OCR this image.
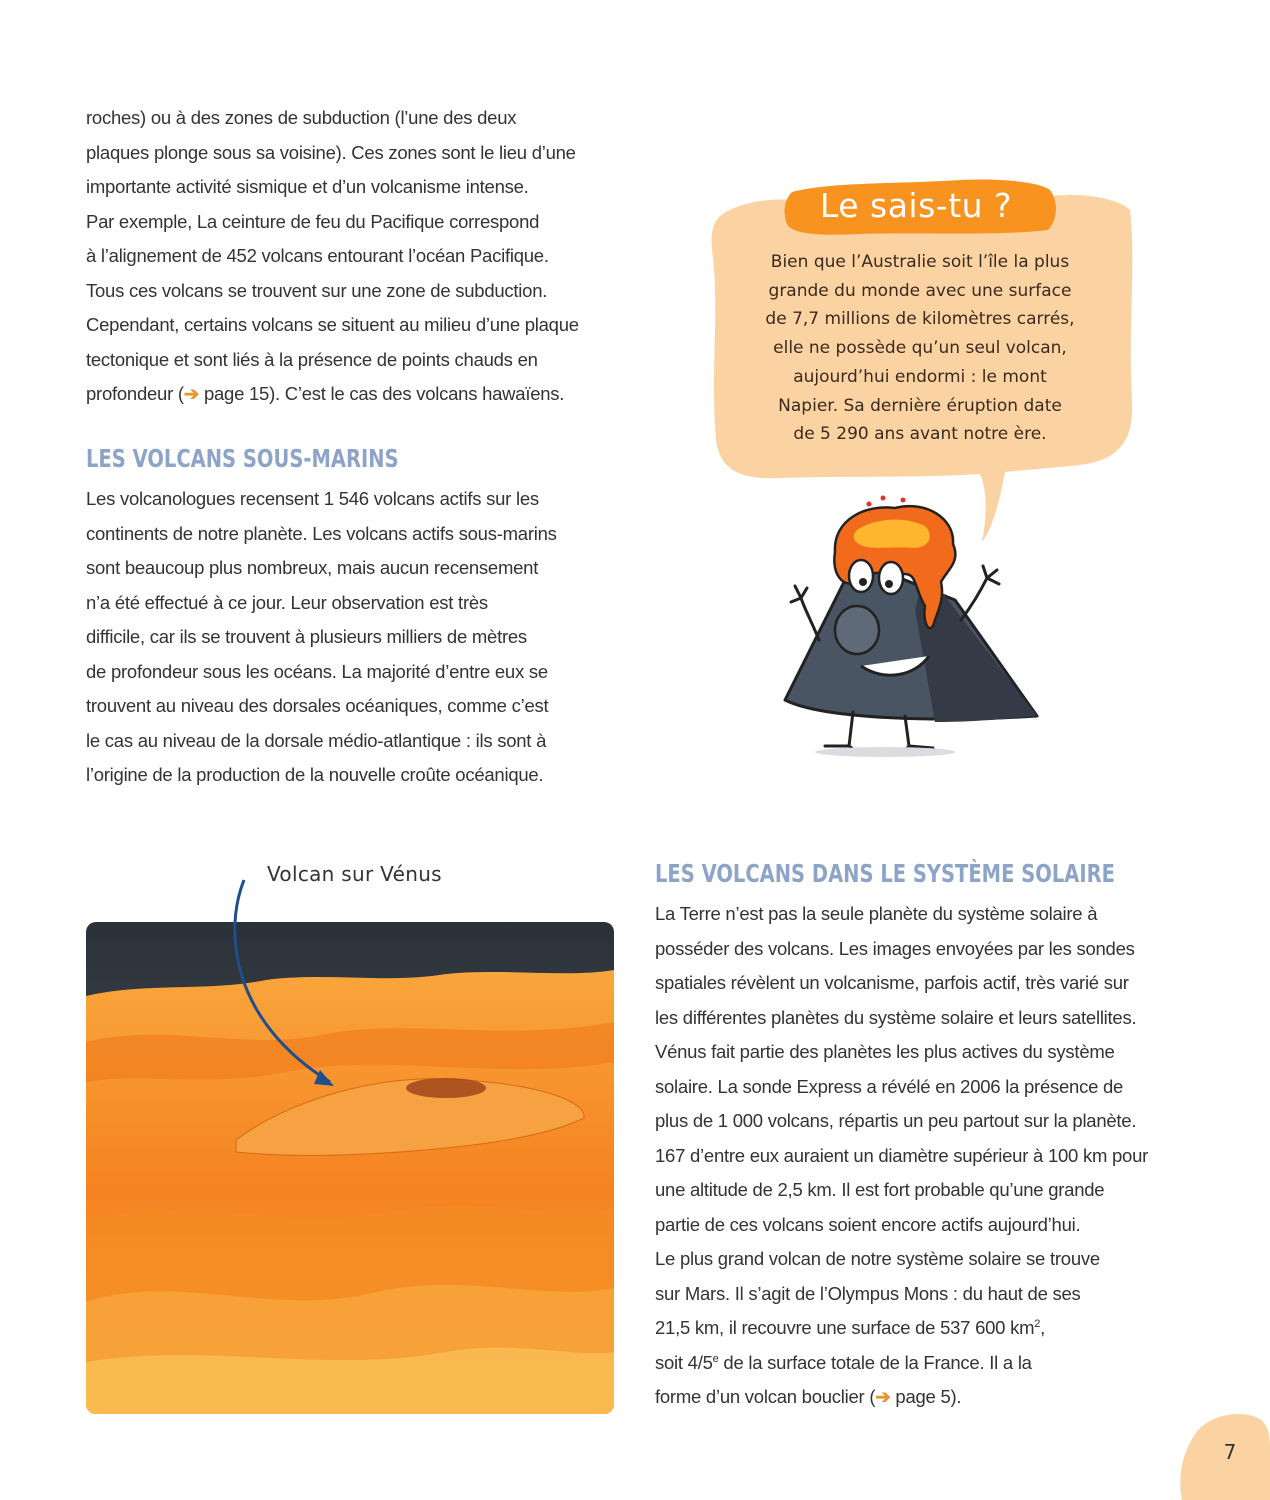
roches) ou à des zones de subduction (l’une des deux
plaques plonge sous sa voisine). Ces zones sont le lieu d’une
importante activité sismique et d’un volcanisme intense.
Par exemple, La ceinture de feu du Pacifique correspond
à l’alignement de 452 volcans entourant l’océan Pacifique.
Tous ces volcans se trouvent sur une zone de subduction.
Cependant, certains volcans se situent au milieu d’une plaque
tectonique et sont liés à la présence de points chauds en
profondeur (➔ page 15). C’est le cas des volcans hawaïens.
LES VOLCANS SOUS-MARINS
Les volcanologues recensent 1 546 volcans actifs sur les
continents de notre planète. Les volcans actifs sous-marins
sont beaucoup plus nombreux, mais aucun recensement
n’a été effectué à ce jour. Leur observation est très
difficile, car ils se trouvent à plusieurs milliers de mètres
de profondeur sous les océans. La majorité d’entre eux se
trouvent au niveau des dorsales océaniques, comme c’est
le cas au niveau de la dorsale médio-atlantique : ils sont à
l’origine de la production de la nouvelle croûte océanique.
Le sais-tu ?
Bien que l’Australie soit l’île la plus
grande du monde avec une surface
de 7,7 millions de kilomètres carrés,
elle ne possède qu’un seul volcan,
aujourd’hui endormi : le mont
Napier. Sa dernière éruption date
de 5 290 ans avant notre ère.
Volcan sur Vénus	LES VOLCANS DANS LE SYSTÈME SOLAIRE
La Terre n’est pas la seule planète du système solaire à
posséder des volcans. Les images envoyées par les sondes
spatiales révèlent un volcanisme, parfois actif, très varié sur
les différentes planètes du système solaire et leurs satellites.
Vénus fait partie des planètes les plus actives du système
solaire. La sonde Express a révélé en 2006 la présence de
plus de 1 000 volcans, répartis un peu partout sur la planète.
167 d’entre eux auraient un diamètre supérieur à 100 km pour
une altitude de 2,5 km. Il est fort probable qu’une grande
partie de ces volcans soient encore actifs aujourd’hui.
Le plus grand volcan de notre système solaire se trouve
sur Mars. Il s’agit de l’Olympus Mons : du haut de ses
21,5 km, il recouvre une surface de 537 600 $km^2$,
soit 4/5e de la surface totale de la France. Il a la
forme d’un volcan bouclier (➔ page 5).
7
